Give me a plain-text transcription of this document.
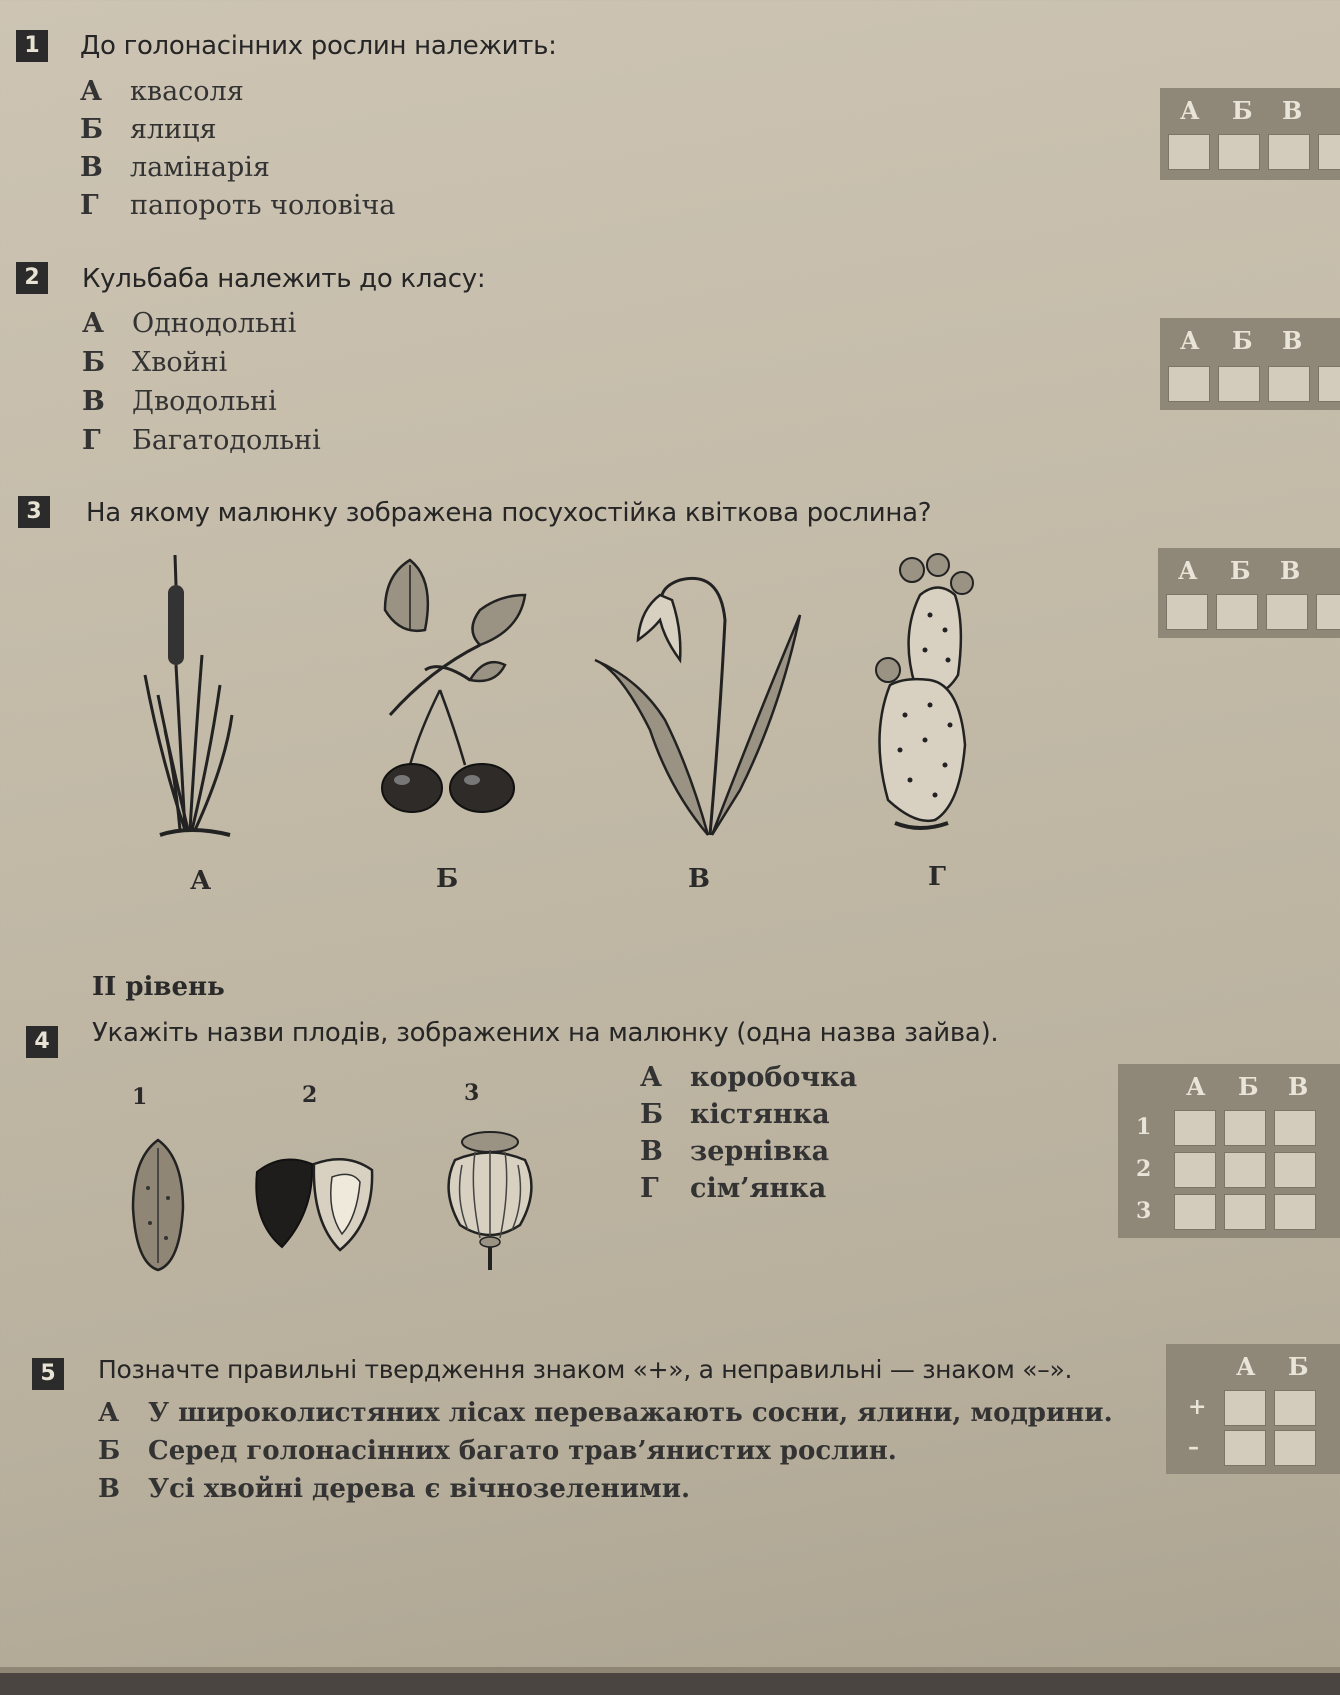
1	До голонасінних рослин належить:
А квасоля
Б ялиця
В ламінарія
Г папороть чоловіча
А Б В
2	Кульбаба належить до класу:
А Однодольні
Б Хвойні
В Дводольні
Г Багатодольні
А Б В
3	На якому малюнку зображена посухостійка квіткова рослина?
А Б В
А	Б	В	Г
II рівень
4	Укажіть назви плодів, зображених на малюнку (одна назва зайва).
1	2	3	А коробочка
Б кістянка
В зернівка
Г сім’янка
А Б В
1
2
3
5	Позначте правильні твердження знаком «+», а неправильні — знаком «–».
А У широколистяних лісах переважають сосни, ялини, модрини.
Б Серед голонасінних багато трав’янистих рослин.
В Усі хвойні дерева є вічнозеленими.
А Б
+
–
